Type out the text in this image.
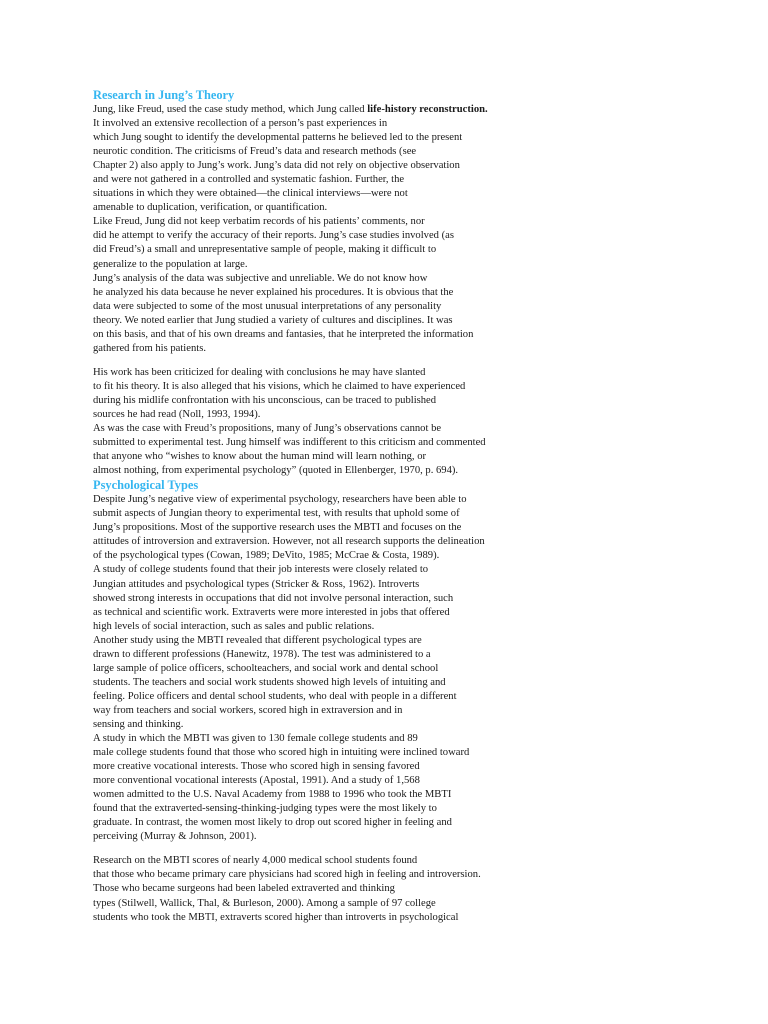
Research in Jung’s Theory
Jung, like Freud, used the case study method, which Jung called life-history reconstruction.
It involved an extensive recollection of a person’s past experiences in
which Jung sought to identify the developmental patterns he believed led to the present
neurotic condition. The criticisms of Freud’s data and research methods (see
Chapter 2) also apply to Jung’s work. Jung’s data did not rely on objective observation
and were not gathered in a controlled and systematic fashion. Further, the
situations in which they were obtained—the clinical interviews—were not
amenable to duplication, verification, or quantification.
Like Freud, Jung did not keep verbatim records of his patients’ comments, nor
did he attempt to verify the accuracy of their reports. Jung’s case studies involved (as
did Freud’s) a small and unrepresentative sample of people, making it difficult to
generalize to the population at large.
Jung’s analysis of the data was subjective and unreliable. We do not know how
he analyzed his data because he never explained his procedures. It is obvious that the
data were subjected to some of the most unusual interpretations of any personality
theory. We noted earlier that Jung studied a variety of cultures and disciplines. It was
on this basis, and that of his own dreams and fantasies, that he interpreted the information
gathered from his patients.
His work has been criticized for dealing with conclusions he may have slanted
to fit his theory. It is also alleged that his visions, which he claimed to have experienced
during his midlife confrontation with his unconscious, can be traced to published
sources he had read (Noll, 1993, 1994).
As was the case with Freud’s propositions, many of Jung’s observations cannot be
submitted to experimental test. Jung himself was indifferent to this criticism and commented
that anyone who “wishes to know about the human mind will learn nothing, or
almost nothing, from experimental psychology” (quoted in Ellenberger, 1970, p. 694).
Psychological Types
Despite Jung’s negative view of experimental psychology, researchers have been able to
submit aspects of Jungian theory to experimental test, with results that uphold some of
Jung’s propositions. Most of the supportive research uses the MBTI and focuses on the
attitudes of introversion and extraversion. However, not all research supports the delineation
of the psychological types (Cowan, 1989; DeVito, 1985; McCrae & Costa, 1989).
A study of college students found that their job interests were closely related to
Jungian attitudes and psychological types (Stricker & Ross, 1962). Introverts
showed strong interests in occupations that did not involve personal interaction, such
as technical and scientific work. Extraverts were more interested in jobs that offered
high levels of social interaction, such as sales and public relations.
Another study using the MBTI revealed that different psychological types are
drawn to different professions (Hanewitz, 1978). The test was administered to a
large sample of police officers, schoolteachers, and social work and dental school
students. The teachers and social work students showed high levels of intuiting and
feeling. Police officers and dental school students, who deal with people in a different
way from teachers and social workers, scored high in extraversion and in
sensing and thinking.
A study in which the MBTI was given to 130 female college students and 89
male college students found that those who scored high in intuiting were inclined toward
more creative vocational interests. Those who scored high in sensing favored
more conventional vocational interests (Apostal, 1991). And a study of 1,568
women admitted to the U.S. Naval Academy from 1988 to 1996 who took the MBTI
found that the extraverted-sensing-thinking-judging types were the most likely to
graduate. In contrast, the women most likely to drop out scored higher in feeling and
perceiving (Murray & Johnson, 2001).
Research on the MBTI scores of nearly 4,000 medical school students found
that those who became primary care physicians had scored high in feeling and introversion.
Those who became surgeons had been labeled extraverted and thinking
types (Stilwell, Wallick, Thal, & Burleson, 2000). Among a sample of 97 college
students who took the MBTI, extraverts scored higher than introverts in psychological
